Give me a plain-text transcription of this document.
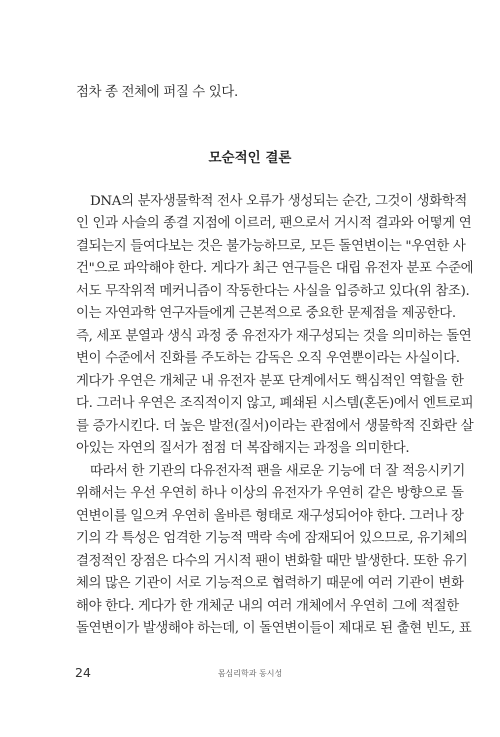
점차 종 전체에 퍼질 수 있다.
모순적인 결론
DNA의 분자생물학적 전사 오류가 생성되는 순간, 그것이 생화학적
인 인과 사슬의 종결 지점에 이르러, 팬으로서 거시적 결과와 어떻게 연
결되는지 들여다보는 것은 불가능하므로, 모든 돌연변이는 "우연한 사
건"으로 파악해야 한다. 게다가 최근 연구들은 대립 유전자 분포 수준에
서도 무작위적 메커니즘이 작동한다는 사실을 입증하고 있다(위 참조).
이는 자연과학 연구자들에게 근본적으로 중요한 문제점을 제공한다.
즉, 세포 분열과 생식 과정 중 유전자가 재구성되는 것을 의미하는 돌연
변이 수준에서 진화를 주도하는 감독은 오직 우연뿐이라는 사실이다.
게다가 우연은 개체군 내 유전자 분포 단계에서도 핵심적인 역할을 한
다. 그러나 우연은 조직적이지 않고, 폐쇄된 시스템(혼돈)에서 엔트로피
를 증가시킨다. 더 높은 발전(질서)이라는 관점에서 생물학적 진화란 살
아있는 자연의 질서가 점점 더 복잡해지는 과정을 의미한다.
따라서 한 기관의 다유전자적 팬을 새로운 기능에 더 잘 적응시키기
위해서는 우선 우연히 하나 이상의 유전자가 우연히 같은 방향으로 돌
연변이를 일으켜 우연히 올바른 형태로 재구성되어야 한다. 그러나 장
기의 각 특성은 엄격한 기능적 맥락 속에 잠재되어 있으므로, 유기체의
결정적인 장점은 다수의 거시적 팬이 변화할 때만 발생한다. 또한 유기
체의 많은 기관이 서로 기능적으로 협력하기 때문에 여러 기관이 변화
해야 한다. 게다가 한 개체군 내의 여러 개체에서 우연히 그에 적절한
돌연변이가 발생해야 하는데, 이 돌연변이들이 제대로 된 출현 빈도, 표
24	몸심리학과 동시성
